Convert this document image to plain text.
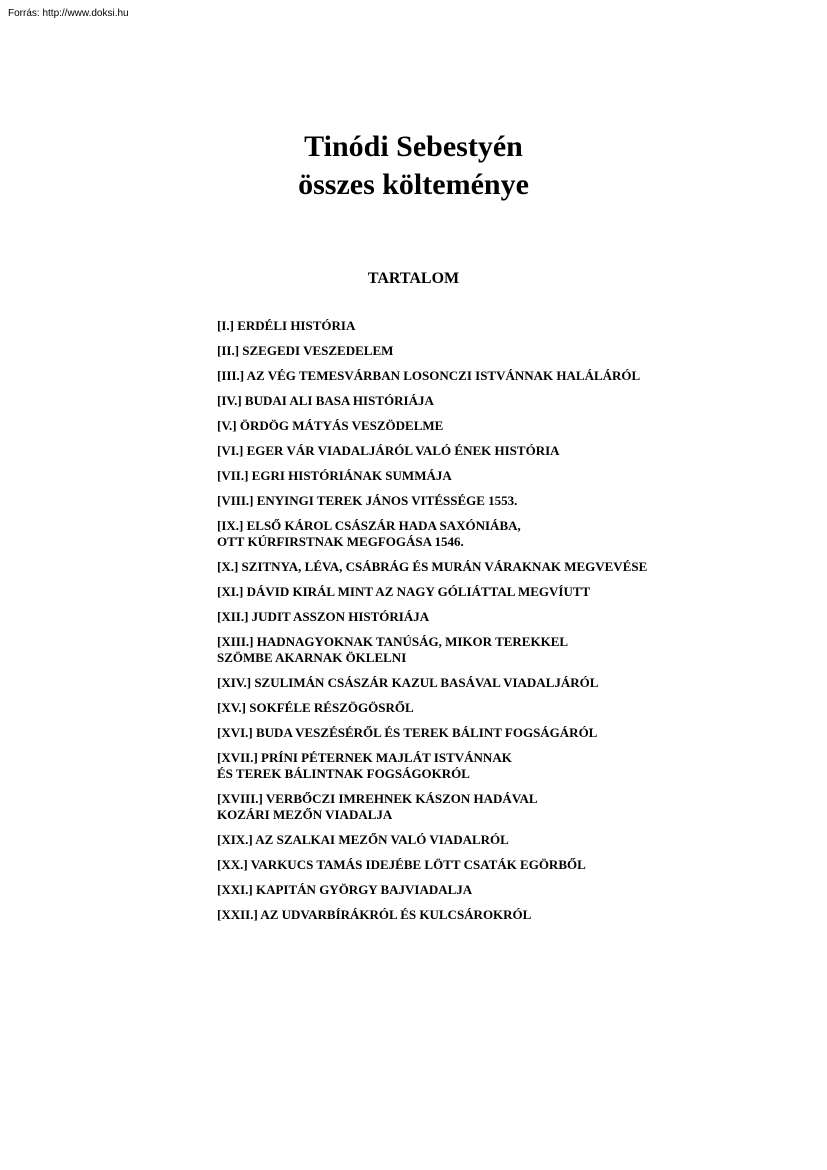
Forrás: http://www.doksi.hu
Tinódi Sebestyén
összes költeménye
TARTALOM
[I.] ERDÉLI HISTÓRIA
[II.] SZEGEDI VESZEDELEM
[III.] AZ VÉG TEMESVÁRBAN LOSONCZI ISTVÁNNAK HALÁLÁRÓL
[IV.] BUDAI ALI BASA HISTÓRIÁJA
[V.] ÖRDÖG MÁTYÁS VESZÖDELME
[VI.] EGER VÁR VIADALJÁRÓL VALÓ ÉNEK HISTÓRIA
[VII.] EGRI HISTÓRIÁNAK SUMMÁJA
[VIII.] ENYINGI TEREK JÁNOS VITÉSSÉGE 1553.
[IX.] ELSŐ KÁROL CSÁSZÁR HADA SAXÓNIÁBA,
OTT KÚRFIRSTNAK MEGFOGÁSA 1546.
[X.] SZITNYA, LÉVA, CSÁBRÁG ÉS MURÁN VÁRAKNAK MEGVEVÉSE
[XI.] DÁVID KIRÁL MINT AZ NAGY GÓLIÁTTAL MEGVÍUTT
[XII.] JUDIT ASSZON HISTÓRIÁJA
[XIII.] HADNAGYOKNAK TANÚSÁG, MIKOR TEREKKEL
SZÖMBE AKARNAK ÖKLELNI
[XIV.] SZULIMÁN CSÁSZÁR KAZUL BASÁVAL VIADALJÁRÓL
[XV.] SOKFÉLE RÉSZÖGÖSRŐL
[XVI.] BUDA VESZÉSÉRŐL ÉS TEREK BÁLINT FOGSÁGÁRÓL
[XVII.] PRÍNI PÉTERNEK MAJLÁT ISTVÁNNAK
ÉS TEREK BÁLINTNAK FOGSÁGOKRÓL
[XVIII.] VERBŐCZI IMREHNEK KÁSZON HADÁVAL
KOZÁRI MEZŐN VIADALJA
[XIX.] AZ SZALKAI MEZŐN VALÓ VIADALRÓL
[XX.] VARKUCS TAMÁS IDEJÉBE LÖTT CSATÁK EGÖRBŐL
[XXI.] KAPITÁN GYÖRGY BAJVIADALJA
[XXII.] AZ UDVARBÍRÁKRÓL ÉS KULCSÁROKRÓL
